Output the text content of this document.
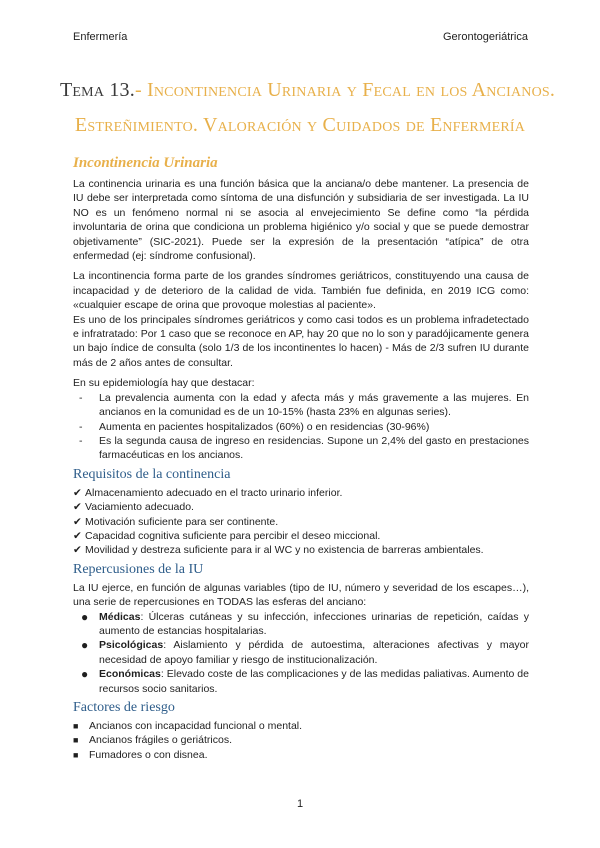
Enfermería	Gerontogeriátrica
Tema 13.- Incontinencia Urinaria y Fecal en los Ancianos.
Estreñimiento. Valoración y Cuidados de Enfermería
Incontinencia Urinaria

La continencia urinaria es una función básica que la anciana/o debe mantener. La presencia de IU debe ser interpretada como síntoma de una disfunción y subsidiaria de ser investigada. La IU NO es un fenómeno normal ni se asocia al envejecimiento Se define como “la pérdida involuntaria de orina que condiciona un problema higiénico y/o social y que se puede demostrar objetivamente” (SIC-2021). Puede ser la expresión de la presentación “atípica” de otra enfermedad (ej: síndrome confusional).

La incontinencia forma parte de los grandes síndromes geriátricos, constituyendo una causa de incapacidad y de deterioro de la calidad de vida. También fue definida, en 2019 ICG como: «cualquier escape de orina que provoque molestias al paciente».

Es uno de los principales síndromes geriátricos y como casi todos es un problema infradetectado e infratratado: Por 1 caso que se reconoce en AP, hay 20 que no lo son y paradójicamente genera un bajo índice de consulta (solo 1/3 de los incontinentes lo hacen) - Más de 2/3 sufren IU durante más de 2 años antes de consultar.

En su epidemiología hay que destacar:

- La prevalencia aumenta con la edad y afecta más y más gravemente a las mujeres. En ancianos en la comunidad es de un 10-15% (hasta 23% en algunas series).
- Aumenta en pacientes hospitalizados (60%) o en residencias (30-96%)
- Es la segunda causa de ingreso en residencias. Supone un 2,4% del gasto en prestaciones farmacéuticas en los ancianos.
Requisitos de la continencia
✔ Almacenamiento adecuado en el tracto urinario inferior.
✔ Vaciamiento adecuado.
✔ Motivación suficiente para ser continente.
✔ Capacidad cognitiva suficiente para percibir el deseo miccional.
✔ Movilidad y destreza suficiente para ir al WC y no existencia de barreras ambientales.
Repercusiones de la IU

La IU ejerce, en función de algunas variables (tipo de IU, número y severidad de los escapes…), una serie de repercusiones en TODAS las esferas del anciano:

● Médicas: Úlceras cutáneas y su infección, infecciones urinarias de repetición, caídas y aumento de estancias hospitalarias.
● Psicológicas: Aislamiento y pérdida de autoestima, alteraciones afectivas y mayor necesidad de apoyo familiar y riesgo de institucionalización.
● Económicas: Elevado coste de las complicaciones y de las medidas paliativas. Aumento de recursos socio sanitarios.
Factores de riesgo
■ Ancianos con incapacidad funcional o mental.
■ Ancianos frágiles o geriátricos.
■ Fumadores o con disnea.
1
